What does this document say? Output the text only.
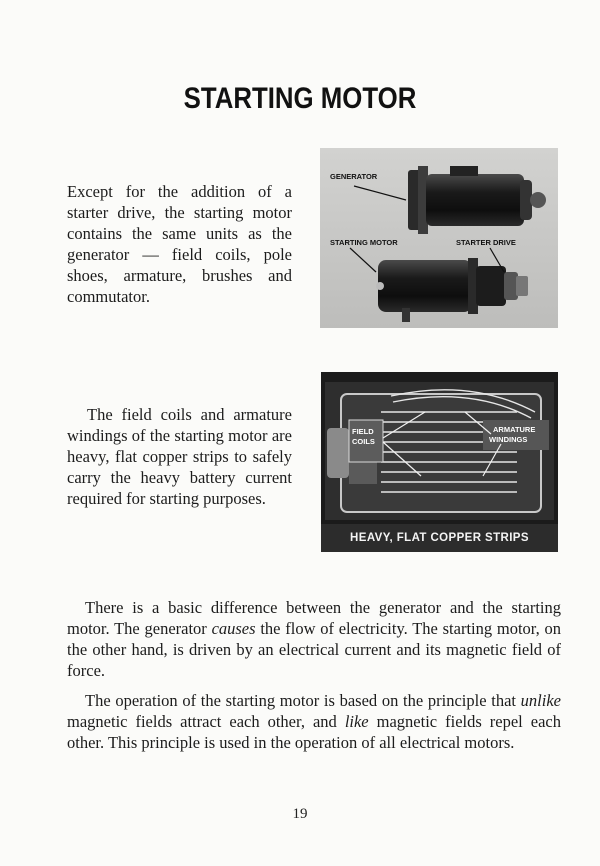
STARTING MOTOR
Except for the addition of a starter drive, the starting motor contains the same units as the generator — field coils, pole shoes, armature, brushes and commutator.
GENERATOR
STARTING MOTOR	STARTER DRIVE
The field coils and armature windings of the starting motor are heavy, flat copper strips to safely carry the heavy battery current required for starting purposes.
FIELD
COILS
ARMATURE
WINDINGS
HEAVY, FLAT COPPER STRIPS
There is a basic difference between the generator and the starting motor. The generator causes the flow of electricity. The starting motor, on the other hand, is driven by an electrical current and its magnetic field of force.
The operation of the starting motor is based on the principle that unlike magnetic fields attract each other, and like magnetic fields repel each other. This principle is used in the operation of all electrical motors.
19
